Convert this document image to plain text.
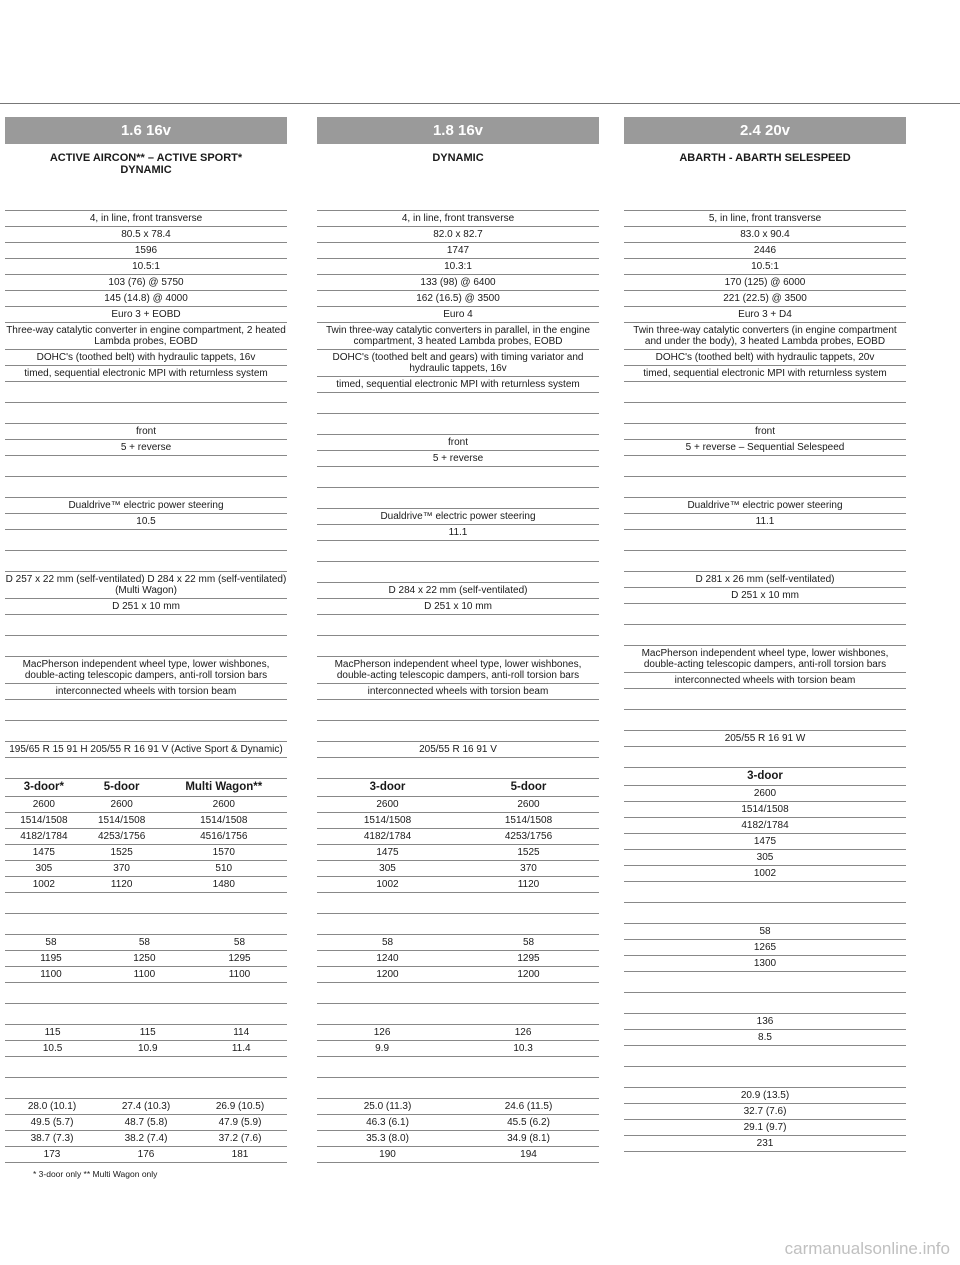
1.6 16v
ACTIVE AIRCON** – ACTIVE SPORT*
DYNAMIC
4, in line, front transverse
80.5 x 78.4
1596
10.5:1
103 (76) @ 5750
145 (14.8) @ 4000
Euro 3 + EOBD
Three-way catalytic converter in engine compartment, 2 heated Lambda probes, EOBD
DOHC's (toothed belt) with hydraulic tappets, 16v
timed, sequential electronic MPI with returnless system
front
5 + reverse
Dualdrive™ electric power steering
10.5
D 257 x 22 mm (self-ventilated) D 284 x 22 mm (self-ventilated) (Multi Wagon)
D 251 x 10 mm
MacPherson independent wheel type, lower wishbones, double-acting telescopic dampers, anti-roll torsion bars
interconnected wheels with torsion beam
195/65 R 15 91 H 205/55 R 16 91 V (Active Sport & Dynamic)
3-door*	5-door	Multi Wagon**
2600	2600	2600
1514/1508	1514/1508	1514/1508
4182/1784	4253/1756	4516/1756
1475	1525	1570
305	370	510
1002	1120	1480
58	58	58
1195	1250	1295
1100	1100	1100
115	115	114
10.5	10.9	11.4
28.0 (10.1)	27.4 (10.3)	26.9 (10.5)
49.5 (5.7)	48.7 (5.8)	47.9 (5.9)
38.7 (7.3)	38.2 (7.4)	37.2 (7.6)
173	176	181
* 3-door only ** Multi Wagon only
1.8 16v
DYNAMIC
4, in line, front transverse
82.0 x 82.7
1747
10.3:1
133 (98) @ 6400
162 (16.5) @ 3500
Euro 4
Twin three-way catalytic converters in parallel, in the engine compartment, 3 heated Lambda probes, EOBD
DOHC's (toothed belt and gears) with timing variator and hydraulic tappets, 16v
timed, sequential electronic MPI with returnless system
front
5 + reverse
Dualdrive™ electric power steering
11.1
D 284 x 22 mm (self-ventilated)
D 251 x 10 mm
MacPherson independent wheel type, lower wishbones, double-acting telescopic dampers, anti-roll torsion bars
interconnected wheels with torsion beam
205/55 R 16 91 V
3-door	5-door
2600	2600
1514/1508	1514/1508
4182/1784	4253/1756
1475	1525
305	370
1002	1120
58	58
1240	1295
1200	1200
126	126
9.9	10.3
25.0 (11.3)	24.6 (11.5)
46.3 (6.1)	45.5 (6.2)
35.3 (8.0)	34.9 (8.1)
190	194
2.4 20v
ABARTH - ABARTH SELESPEED
5, in line, front transverse
83.0 x 90.4
2446
10.5:1
170 (125) @ 6000
221 (22.5) @ 3500
Euro 3 + D4
Twin three-way catalytic converters (in engine compartment and under the body), 3 heated Lambda probes, EOBD
DOHC's (toothed belt) with hydraulic tappets, 20v
timed, sequential electronic MPI with returnless system
front
5 + reverse – Sequential Selespeed
Dualdrive™ electric power steering
11.1
D 281 x 26 mm (self-ventilated)
D 251 x 10 mm
MacPherson independent wheel type, lower wishbones, double-acting telescopic dampers, anti-roll torsion bars
interconnected wheels with torsion beam
205/55 R 16 91 W
3-door
2600
1514/1508
4182/1784
1475
305
1002
58
1265
1300
136
8.5
20.9 (13.5)
32.7 (7.6)
29.1 (9.7)
231
carmanualsonline.info
